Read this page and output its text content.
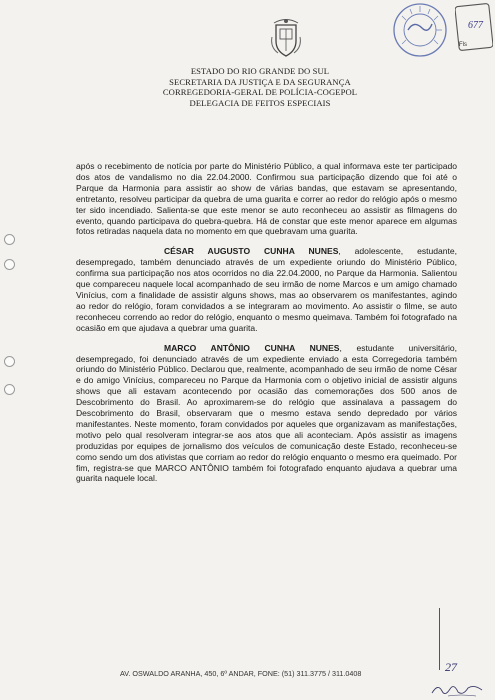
Fls
677
ESTADO DO RIO GRANDE DO SUL
SECRETARIA DA JUSTIÇA E DA SEGURANÇA
CORREGEDORIA-GERAL DE POLÍCIA-COGEPOL
DELEGACIA DE FEITOS ESPECIAIS

após o recebimento de notícia por parte do Ministério Público, a qual informava este ter participado dos atos de vandalismo no dia 22.04.2000. Confirmou sua participação dizendo que foi até o Parque da Harmonia para assistir ao show de várias bandas, que estavam se apresentando, entretanto, resolveu participar da quebra de uma guarita e correr ao redor do relógio após o mesmo ter sido incendiado. Salienta-se que este menor se auto reconheceu ao assistir as filmagens do evento, quando participava do quebra-quebra. Há de constar que este menor aparece em algumas fotos retiradas naquela data no momento em que quebravam uma guarita.

CÉSAR AUGUSTO CUNHA NUNES, adolescente, estudante, desempregado, também denunciado através de um expediente oriundo do Ministério Público, confirma sua participação nos atos ocorridos no dia 22.04.2000, no Parque da Harmonia. Salientou que compareceu naquele local acompanhado de seu irmão de nome Marcos e um amigo chamado Vinícius, com a finalidade de assistir alguns shows, mas ao observarem os manifestantes, agindo ao redor do relógio, foram convidados a se integraram ao movimento. Ao assistir o filme, se auto reconheceu correndo ao redor do relógio, enquanto o mesmo queimava. Também foi fotografado na ocasião em que ajudava a quebrar uma guarita.

MARCO ANTÔNIO CUNHA NUNES, estudante universitário, desempregado, foi denunciado através de um expediente enviado a esta Corregedoria também oriundo do Ministério Público. Declarou que, realmente, acompanhado de seu irmão de nome César e do amigo Vinícius, compareceu no Parque da Harmonia com o objetivo inicial de assistir alguns shows que ali estavam acontecendo por ocasião das comemorações dos 500 anos de Descobrimento do Brasil. Ao aproximarem-se do relógio que assinalava a passagem do Descobrimento do Brasil, observaram que o mesmo estava sendo depredado por vários manifestantes. Neste momento, foram convidados por aqueles que organizavam as manifestações, motivo pelo qual resolveram integrar-se aos atos que ali aconteciam. Após assistir as imagens produzidas por equipes de jornalismo dos veículos de comunicação deste Estado, reconheceu-se como sendo um dos ativistas que corriam ao redor do relógio enquanto o mesmo era queimado. Por fim, registra-se que MARCO ANTÔNIO também foi fotografado enquanto ajudava a quebrar uma guarita naquele local.

AV. OSWALDO ARANHA, 450, 6º ANDAR, FONE: (51) 311.3775 / 311.0408	27
